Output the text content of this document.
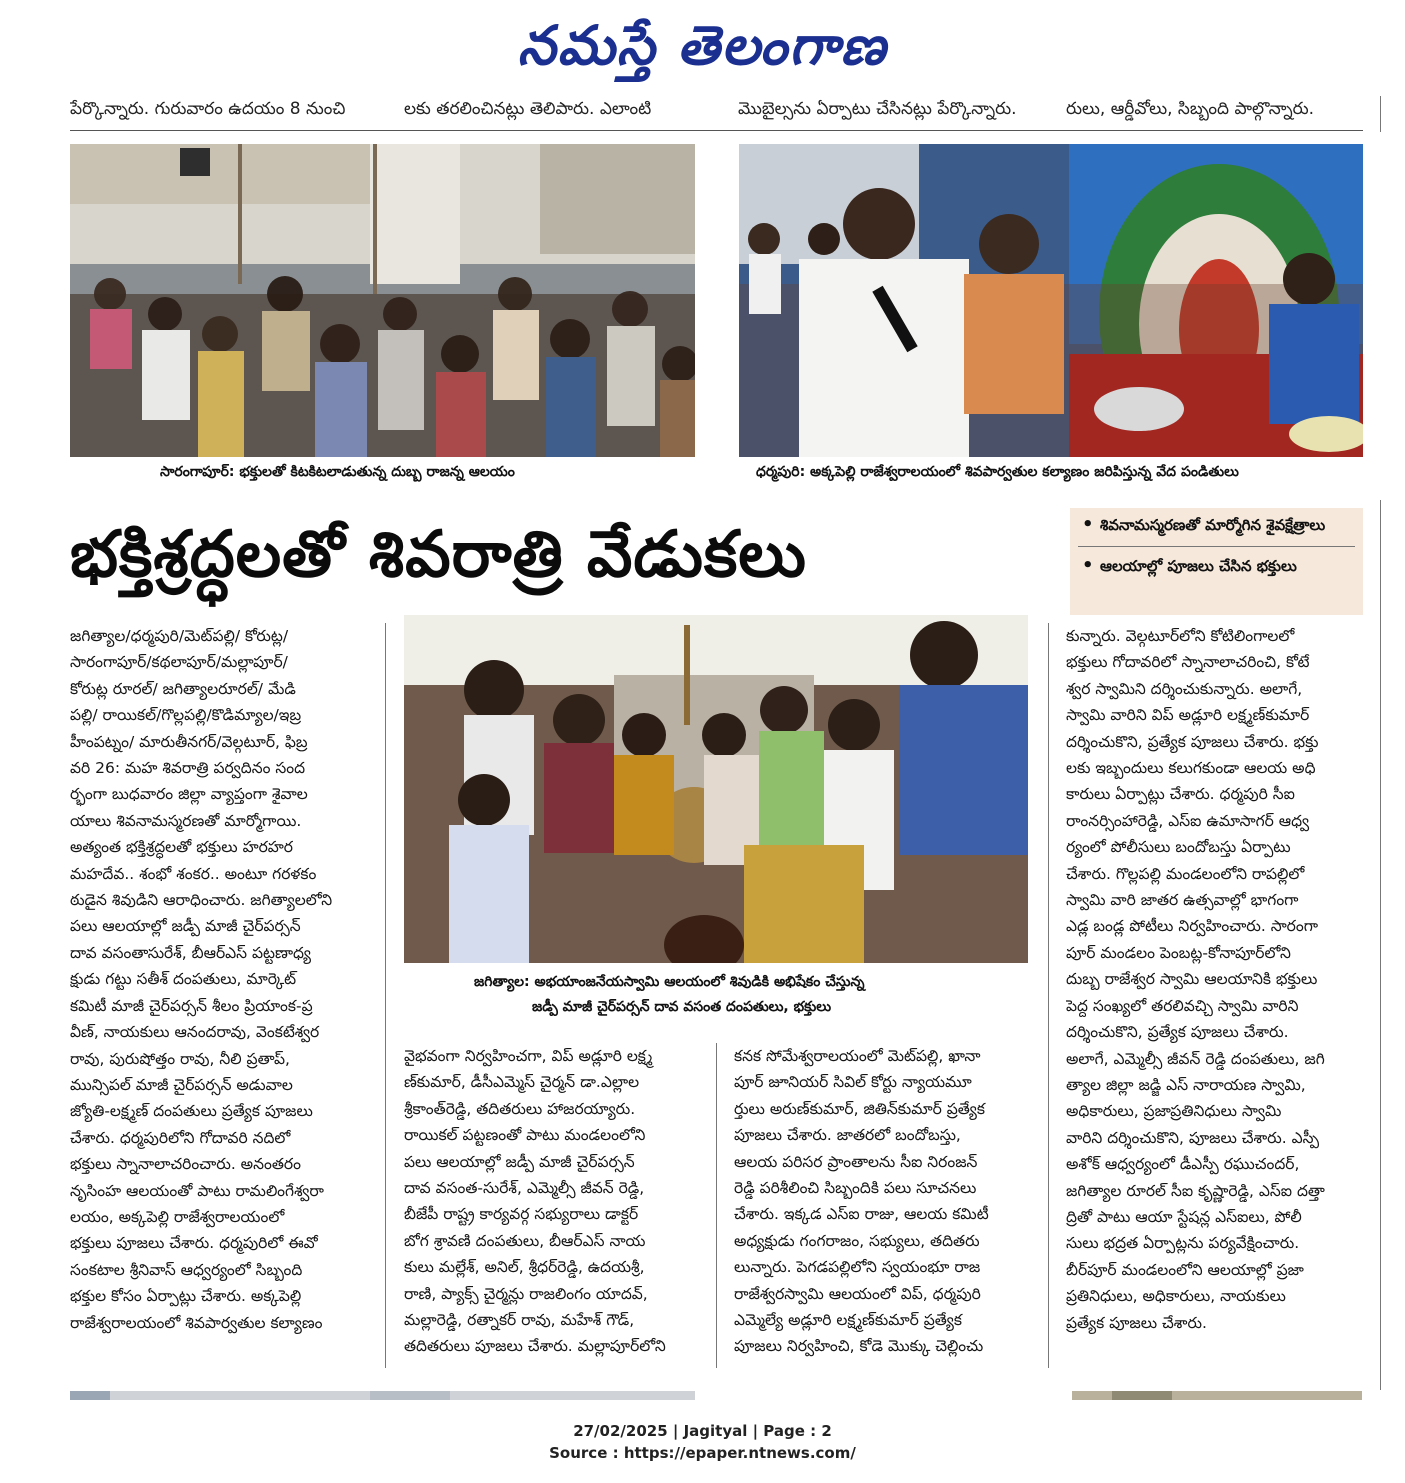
నమస్తే తెలంగాణ
పేర్కొన్నారు. గురువారం ఉదయం 8 నుంచి	లకు తరలించినట్లు తెలిపారు. ఎలాంటి	మొబైల్సను ఏర్పాటు చేసినట్లు పేర్కొన్నారు.	రులు, ఆర్డీవోలు, సిబ్బంది పాల్గొన్నారు.
సారంగాపూర్: భక్తులతో కిటకిటలాడుతున్న దుబ్బ రాజన్న ఆలయం	ధర్మపురి: అక్కపెల్లి రాజేశ్వరాలయంలో శివపార్వతుల కల్యాణం జరిపిస్తున్న వేద పండితులు
భక్తిశ్రద్ధలతో శివరాత్రి వేడుకలు
•	శివనామస్మరణతో మార్మోగిన శైవక్షేత్రాలు
• ఆలయాల్లో పూజలు చేసిన భక్తులు
జగిత్యాల: అభయాంజనేయస్వామి ఆలయంలో శివుడికి అభిషేకం చేస్తున్న
జడ్పీ మాజీ చైర్‌పర్సన్ దావ వసంత దంపతులు, భక్తులు
జగిత్యాల/ధర్మపురి/మెట్‌పల్లి/ కోరుట్ల/
సారంగాపూర్/కథలాపూర్/మల్లాపూర్/
కోరుట్ల రూరల్/ జగిత్యాలరూరల్/ మేడి
పల్లి/ రాయికల్/గొల్లపల్లి/కొడిమ్యాల/ఇబ్ర
హీంపట్నం/ మారుతీనగర్/వెల్గటూర్, ఫిబ్ర
వరి 26: మహ శివరాత్రి పర్వదినం సంద
ర్భంగా బుధవారం జిల్లా వ్యాప్తంగా శైవాల
యాలు శివనామస్మరణతో మార్మోగాయి.
అత్యంత భక్తిశ్రద్ధలతో భక్తులు హరహర
మహదేవ.. శంభో శంకర.. అంటూ గరళకం
ఠుడైన శివుడిని ఆరాధించారు. జగిత్యాలలోని
పలు ఆలయాల్లో జడ్పీ మాజీ చైర్‌పర్సన్
దావ వసంతాసురేశ్, బీఆర్‌ఎస్ పట్టణాధ్య
క్షుడు గట్టు సతీశ్ దంపతులు, మార్కెట్
కమిటీ మాజీ చైర్‌పర్సన్ శీలం ప్రియాంక-ప్ర
వీణ్, నాయకులు ఆనందరావు, వెంకటేశ్వర
రావు, పురుషోత్తం రావు, నీలి ప్రతాప్,
మున్సిపల్ మాజీ చైర్‌పర్సన్ అడువాల
జ్యోతి-లక్ష్మణ్ దంపతులు ప్రత్యేక పూజలు
చేశారు. ధర్మపురిలోని గోదావరి నదిలో
భక్తులు స్నానాలాచరించారు. అనంతరం
నృసింహ ఆలయంతో పాటు రామలింగేశ్వరా
లయం, అక్కపెల్లి రాజేశ్వరాలయంలో
భక్తులు పూజలు చేశారు. ధర్మపురిలో ఈవో
సంకటాల శ్రీనివాస్ ఆధ్వర్యంలో సిబ్బంది
భక్తుల కోసం ఏర్పాట్లు చేశారు. అక్కపెల్లి
రాజేశ్వరాలయంలో శివపార్వతుల కల్యాణం
వైభవంగా నిర్వహించగా, విప్ అడ్లూరి లక్ష్మ
ణ్‌కుమార్, డీసీఎమ్మెస్ చైర్మన్ డా.ఎల్లాల
శ్రీకాంత్‌రెడ్డి, తదితరులు హాజరయ్యారు.
రాయికల్ పట్టణంతో పాటు మండలంలోని
పలు ఆలయాల్లో జడ్పీ మాజీ చైర్‌పర్సన్
దావ వసంత-సురేశ్, ఎమ్మెల్సీ జీవన్ రెడ్డి,
బీజేపీ రాష్ట్ర కార్యవర్గ సభ్యురాలు డాక్టర్
బోగ శ్రావణి దంపతులు, బీఆర్‌ఎస్ నాయ
కులు మల్లేశ్, అనిల్, శ్రీధర్‌రెడ్డి, ఉదయశ్రీ,
రాణి, ప్యాక్స్ చైర్మన్లు రాజలింగం యాదవ్,
మల్లారెడ్డి, రత్నాకర్ రావు, మహేశ్ గౌడ్,
తదితరులు పూజలు చేశారు. మల్లాపూర్‌లోని
కనక సోమేశ్వరాలయంలో మెట్‌పల్లి, ఖానా
పూర్ జూనియర్ సివిల్ కోర్టు న్యాయమూ
ర్తులు అరుణ్‌కుమార్, జితిన్‌కుమార్ ప్రత్యేక
పూజలు చేశారు. జాతరలో బందోబస్తు,
ఆలయ పరిసర ప్రాంతాలను సీఐ నిరంజన్
రెడ్డి పరిశీలించి సిబ్బందికి పలు సూచనలు
చేశారు. ఇక్కడ ఎస్‌ఐ రాజు, ఆలయ కమిటీ
అధ్యక్షుడు గంగరాజం, సభ్యులు, తదితరు
లున్నారు. పెగడపల్లిలోని స్వయంభూ రాజ
రాజేశ్వరస్వామి ఆలయంలో విప్, ధర్మపురి
ఎమ్మెల్యే అడ్లూరి లక్ష్మణ్‌కుమార్ ప్రత్యేక
పూజలు నిర్వహించి, కోడె మొక్కు చెల్లించు
కున్నారు. వెల్గటూర్‌లోని కోటిలింగాలలో
భక్తులు గోదావరిలో స్నానాలాచరించి, కోటే
శ్వర స్వామిని దర్శించుకున్నారు. అలాగే,
స్వామి వారిని విప్ అడ్లూరి లక్ష్మణ్‌కుమార్
దర్శించుకొని, ప్రత్యేక పూజలు చేశారు. భక్తు
లకు ఇబ్బందులు కలుగకుండా ఆలయ అధి
కారులు ఏర్పాట్లు చేశారు. ధర్మపురి సీఐ
రాంనర్సింహారెడ్డి, ఎస్‌ఐ ఉమాసాగర్ ఆధ్వ
ర్యంలో పోలీసులు బందోబస్తు ఏర్పాటు
చేశారు. గొల్లపల్లి మండలంలోని రాపల్లిలో
స్వామి వారి జాతర ఉత్సవాల్లో భాగంగా
ఎడ్ల బండ్ల పోటీలు నిర్వహించారు. సారంగా
పూర్ మండలం పెంబట్ల-కోనాపూర్‌లోని
దుబ్బ రాజేశ్వర స్వామి ఆలయానికి భక్తులు
పెద్ద సంఖ్యలో తరలివచ్చి స్వామి వారిని
దర్శించుకొని, ప్రత్యేక పూజలు చేశారు.
అలాగే, ఎమ్మెల్సీ జీవన్ రెడ్డి దంపతులు, జగి
త్యాల జిల్లా జడ్జి ఎస్ నారాయణ స్వామి,
అధికారులు, ప్రజాప్రతినిధులు స్వామి
వారిని దర్శించుకొని, పూజలు చేశారు. ఎస్పీ
అశోక్ ఆధ్వర్యంలో డీఎస్పీ రఘుచందర్,
జగిత్యాల రూరల్ సీఐ కృష్ణారెడ్డి, ఎస్‌ఐ దత్తా
ద్రితో పాటు ఆయా స్టేషన్ల ఎస్‌ఐలు, పోలీ
సులు భద్రత ఏర్పాట్లను పర్యవేక్షించారు.
బీర్‌పూర్ మండలంలోని ఆలయాల్లో ప్రజా
ప్రతినిధులు, అధికారులు, నాయకులు
ప్రత్యేక పూజలు చేశారు.
27/02/2025 | Jagityal | Page : 2
Source : https://epaper.ntnews.com/
